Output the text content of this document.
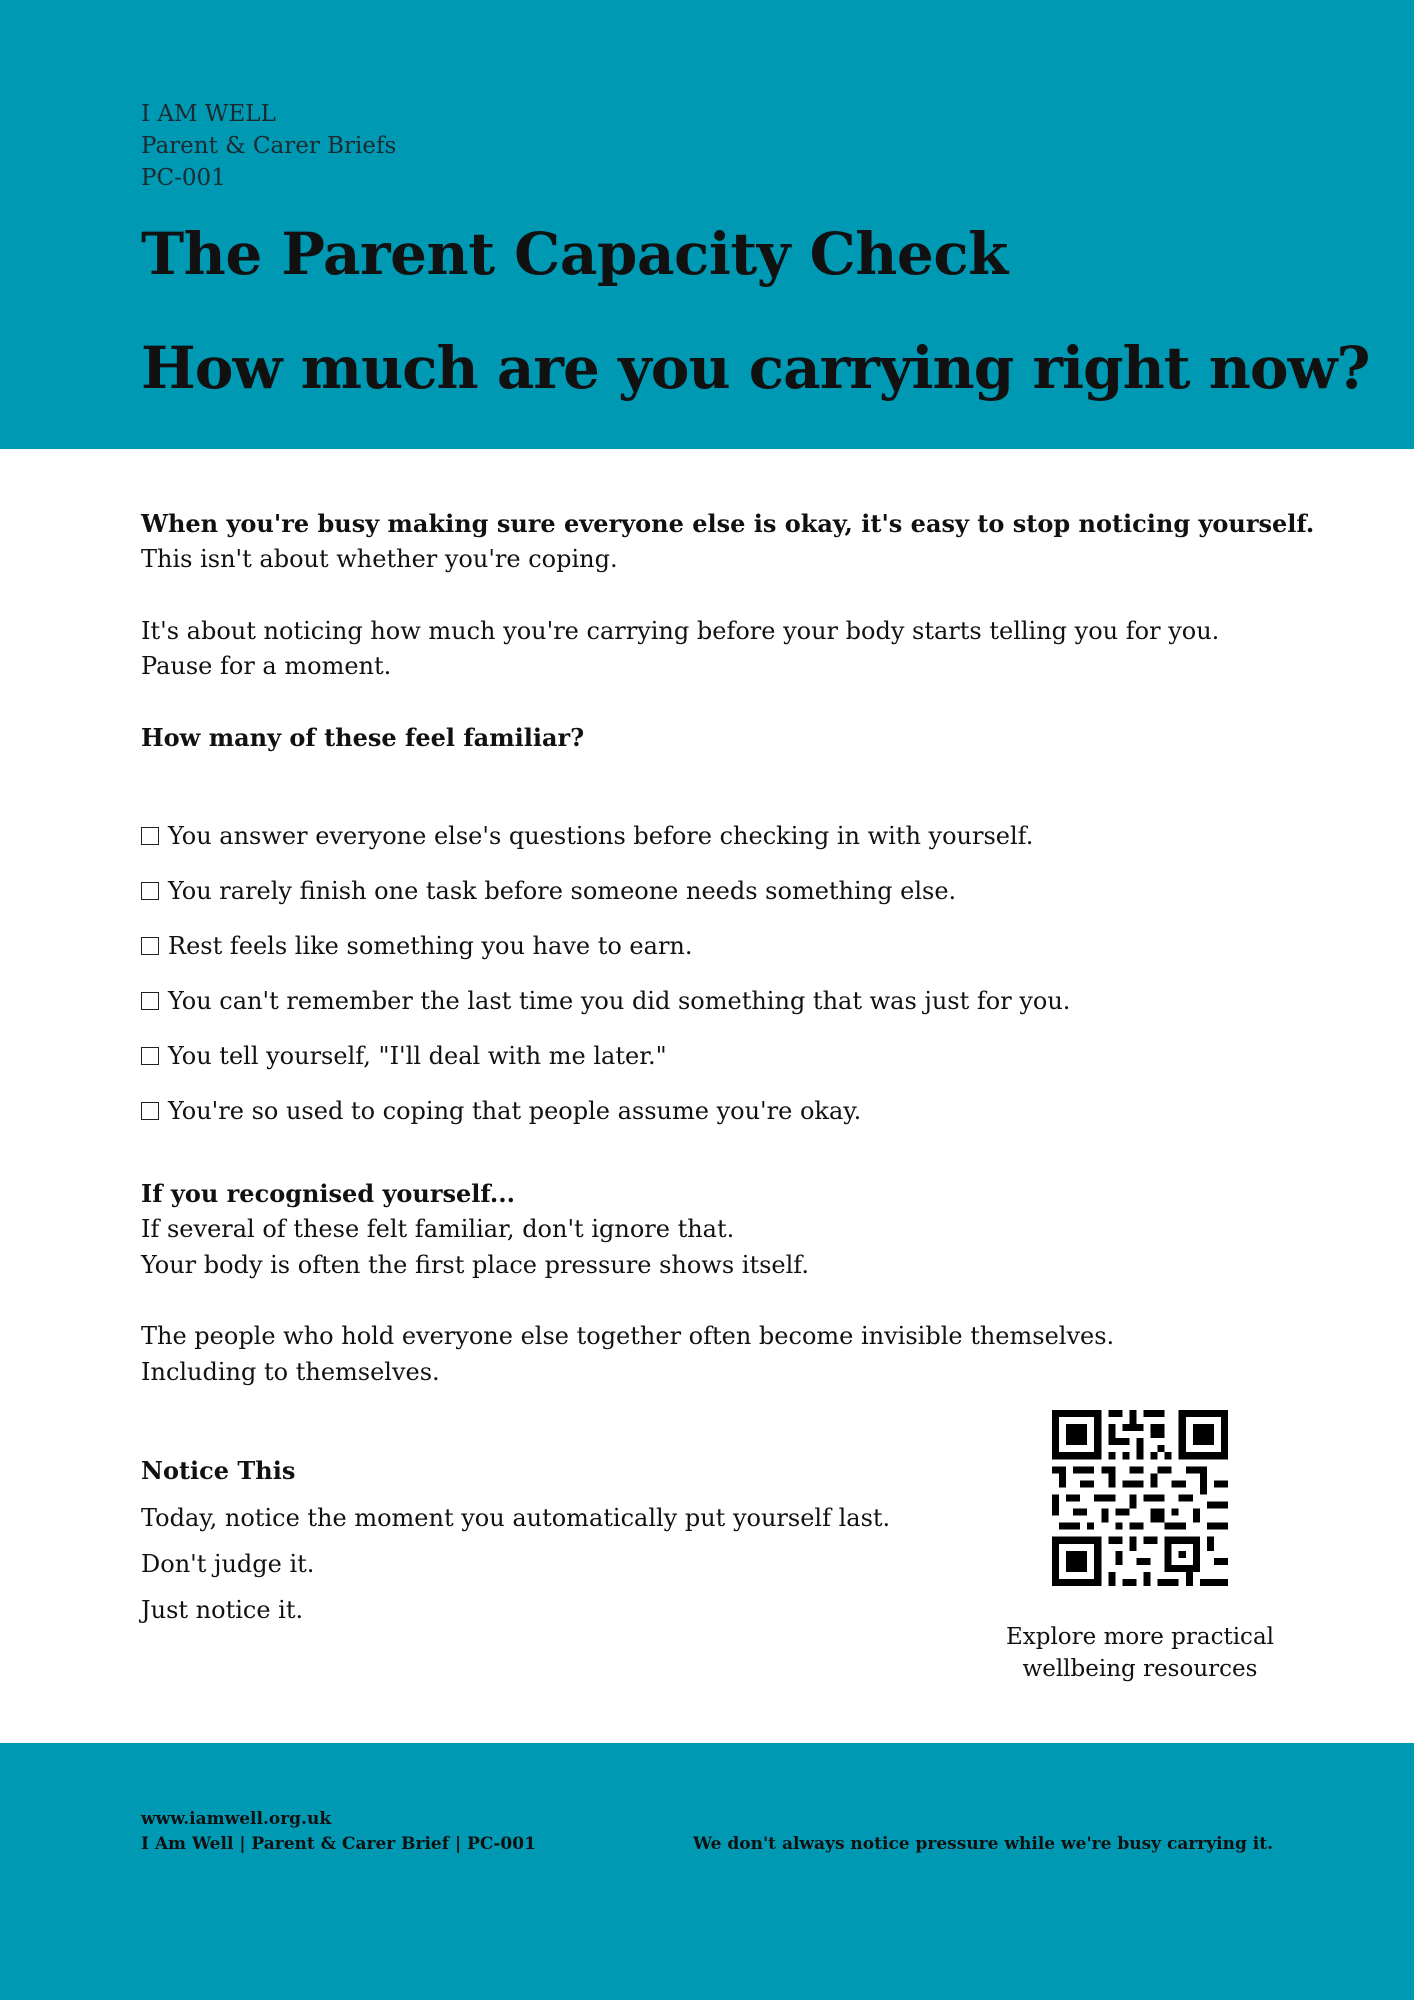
I AM WELL
Parent & Carer Briefs
PC-001
The Parent Capacity Check
How much are you carrying right now?
When you're busy making sure everyone else is okay, it's easy to stop noticing yourself.
This isn't about whether you're coping.
It's about noticing how much you're carrying before your body starts telling you for you.
Pause for a moment.
How many of these feel familiar?
You answer everyone else's questions before checking in with yourself.
You rarely finish one task before someone needs something else.
Rest feels like something you have to earn.
You can't remember the last time you did something that was just for you.
You tell yourself, "I'll deal with me later."
You're so used to coping that people assume you're okay.
If you recognised yourself...
If several of these felt familiar, don't ignore that.
Your body is often the first place pressure shows itself.
The people who hold everyone else together often become invisible themselves.
Including to themselves.
Notice This
Today, notice the moment you automatically put yourself last.
Don't judge it.
Just notice it.
Explore more practical
wellbeing resources
www.iamwell.org.uk
I Am Well | Parent & Carer Brief | PC-001	We don't always notice pressure while we're busy carrying it.
